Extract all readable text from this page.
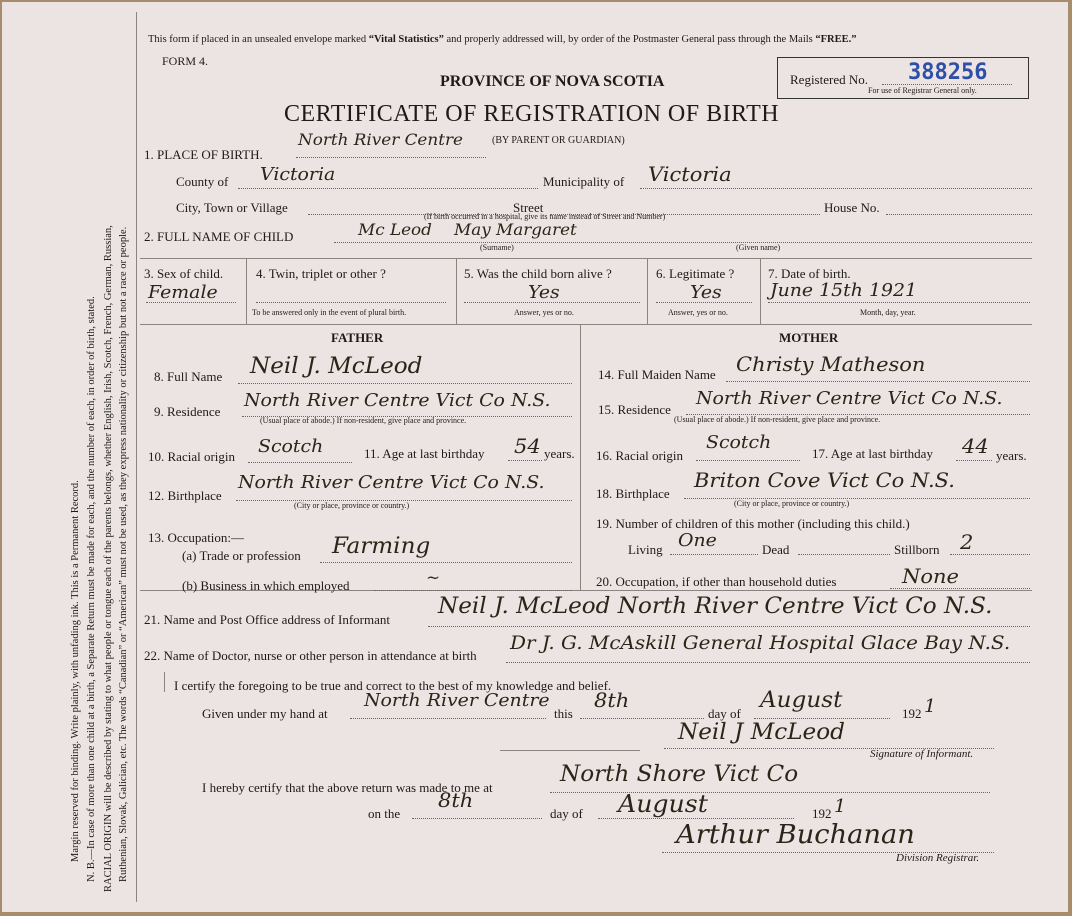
Margin reserved for binding. Write plainly, with unfading ink. This is a Permanent Record. N. B.—In case of more than one child at a birth, a Separate Return must be made for each, and the number of each, in order of birth, stated. RACIAL ORIGIN will be described by stating to what people or tongue each of the parents belongs, whether English, Irish, Scotch, French, German, Russian, Ruthenian, Slovak, Galician, etc. The words “Canadian” or “American” must not be used, as they express nationality or citizenship but not a race or people.
This form if placed in an unsealed envelope marked “Vital Statistics” and properly addressed will, by order of the Postmaster General pass through the Mails “FREE.”
FORM 4.
PROVINCE OF NOVA SCOTIA
CERTIFICATE OF REGISTRATION OF BIRTH
Registered No. 388256
For use of Registrar General only.
1. PLACE OF BIRTH.
North River Centre	(BY PARENT OR GUARDIAN)
County of Victoria	Municipality of Victoria
City, Town or Village	Street	House No.
(If birth occurred in a hospital, give its name instead of Street and Number)
2. FULL NAME OF CHILD	Mc Leod May Margaret
(Surname)	(Given name)
3. Sex of child.
Female
4. Twin, triplet or other ?
To be answered only in the event of plural birth.
5. Was the child born alive ?
Yes
Answer, yes or no.
6. Legitimate ?
Yes
Answer, yes or no.
7. Date of birth.
June 15th 1921
Month, day, year.
FATHER	MOTHER
8. Full Name Neil J. McLeod
9. Residence
North River Centre Vict Co N.S.
(Usual place of abode.) If non-resident, give place and province.
10. Racial origin Scotch	11. Age at last birthday 54 years.
12. Birthplace
North River Centre Vict Co N.S.
(City or place, province or country.)
13. Occupation:—
(a) Trade or profession Farming
(b) Business in which employed	~
14. Full Maiden Name Christy Matheson
15. Residence
North River Centre Vict Co N.S.
(Usual place of abode.) If non-resident, give place and province.
16. Racial origin
Scotch
17. Age at last birthday 44 years.
18. Birthplace
Briton Cove Vict Co N.S.
(City or place, province or country.)
19. Number of children of this mother (including this child.)
Living One	Dead	Stillborn 2
20. Occupation, if other than household duties	None
21. Name and Post Office address of Informant
Neil J. McLeod North River Centre Vict Co N.S.
22. Name of Doctor, nurse or other person in attendance at birth
Dr J. G. McAskill General Hospital Glace Bay N.S.
I certify the foregoing to be true and correct to the best of my knowledge and belief.
Given under my hand at
North River Centre
this
8th
day of
August
192 1
Neil J McLeod
Signature of Informant.
I hereby certify that the above return was made to me at
North Shore Vict Co
on the
8th
day of August	192 1
Arthur Buchanan
Division Registrar.
